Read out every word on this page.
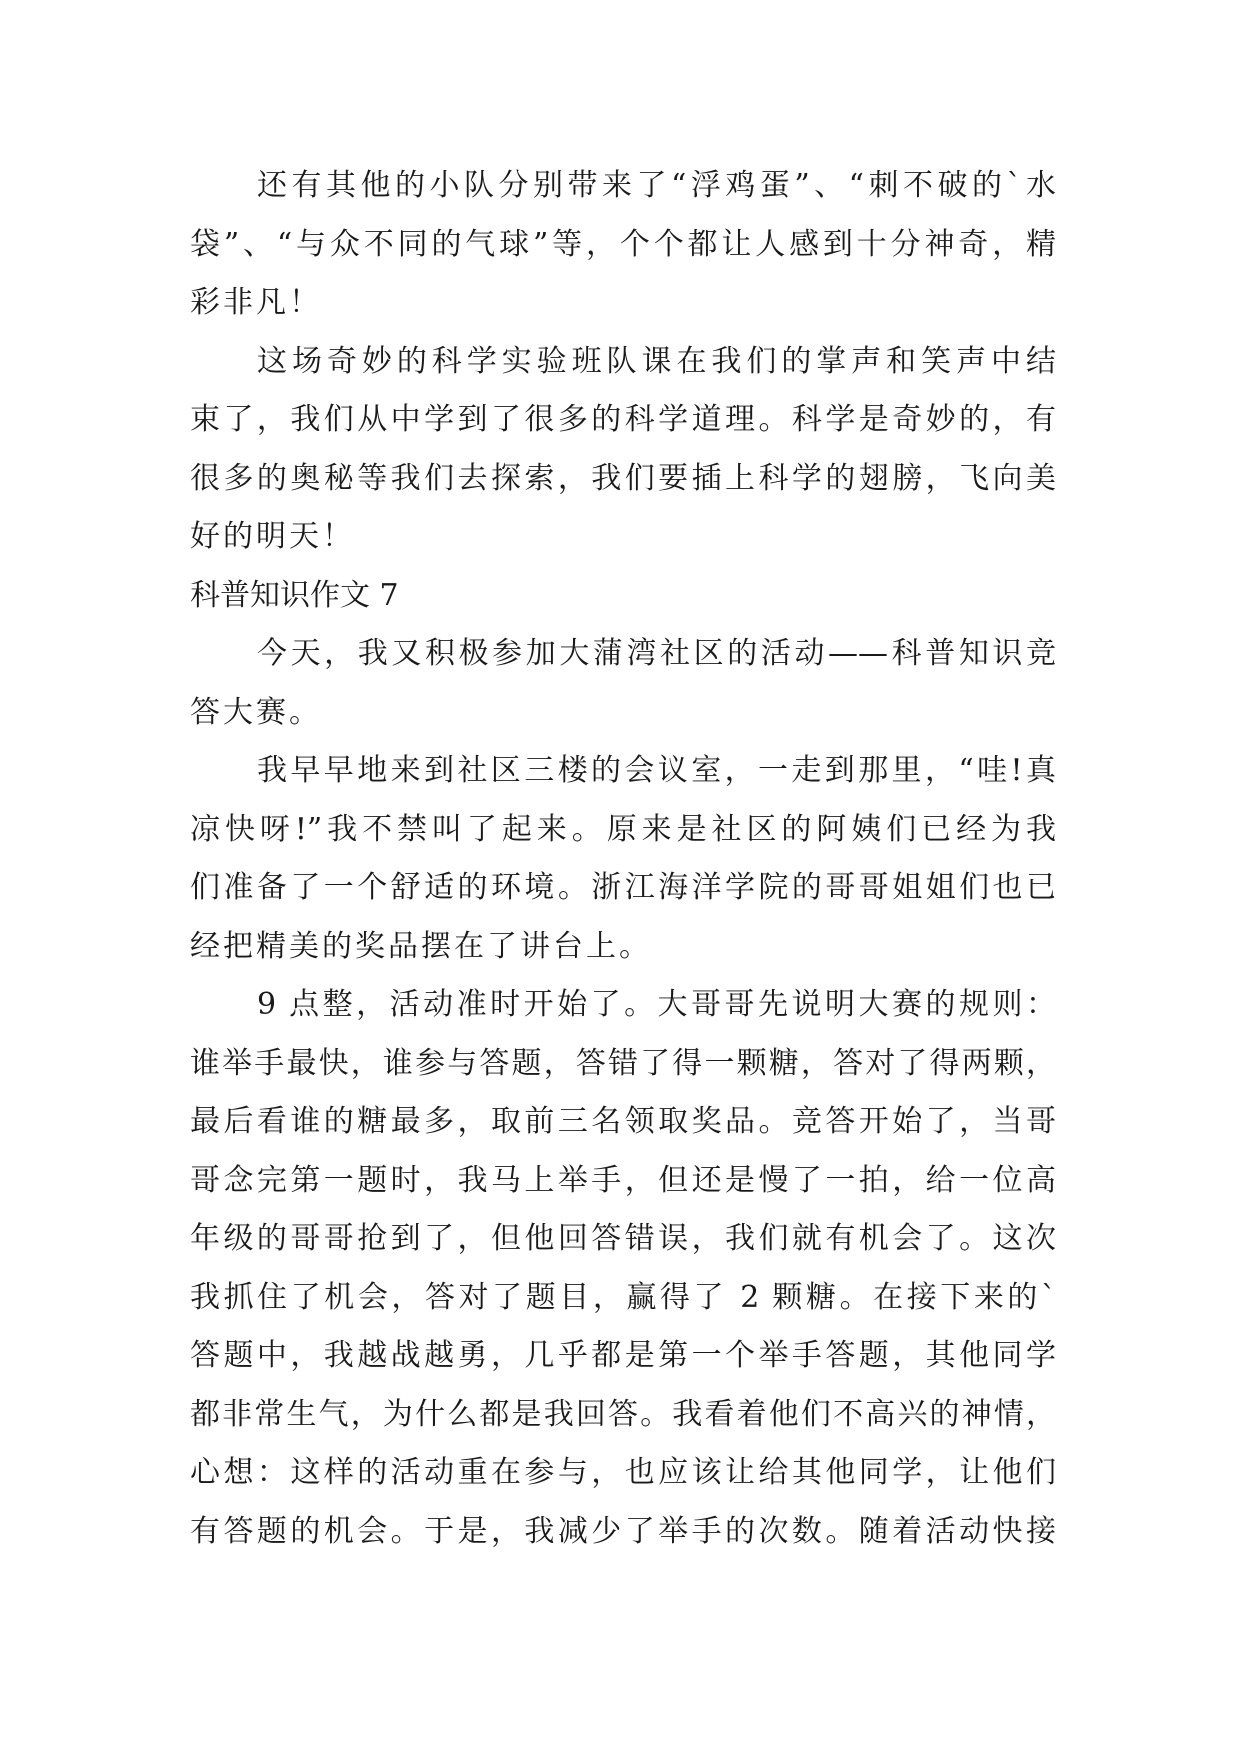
还有其他的小队分别带来了“浮鸡蛋”、“刺不破的`水
袋”、“与众不同的气球”等，个个都让人感到十分神奇，精
彩非凡！
这场奇妙的科学实验班队课在我们的掌声和笑声中结
束了，我们从中学到了很多的科学道理。科学是奇妙的，有
很多的奥秘等我们去探索，我们要插上科学的翅膀，飞向美
好的明天！
科普知识作文 7
今天，我又积极参加大蒲湾社区的活动——科普知识竞
答大赛。
我早早地来到社区三楼的会议室，一走到那里，“哇!真
凉快呀!”我不禁叫了起来。原来是社区的阿姨们已经为我
们准备了一个舒适的环境。浙江海洋学院的哥哥姐姐们也已
经把精美的奖品摆在了讲台上。
9 点整，活动准时开始了。大哥哥先说明大赛的规则：
谁举手最快，谁参与答题，答错了得一颗糖，答对了得两颗，
最后看谁的糖最多，取前三名领取奖品。竞答开始了，当哥
哥念完第一题时，我马上举手，但还是慢了一拍，给一位高
年级的哥哥抢到了，但他回答错误，我们就有机会了。这次
我抓住了机会，答对了题目，赢得了 2 颗糖。在接下来的`
答题中，我越战越勇，几乎都是第一个举手答题，其他同学
都非常生气，为什么都是我回答。我看着他们不高兴的神情，
心想：这样的活动重在参与，也应该让给其他同学，让他们
有答题的机会。于是，我减少了举手的次数。随着活动快接
